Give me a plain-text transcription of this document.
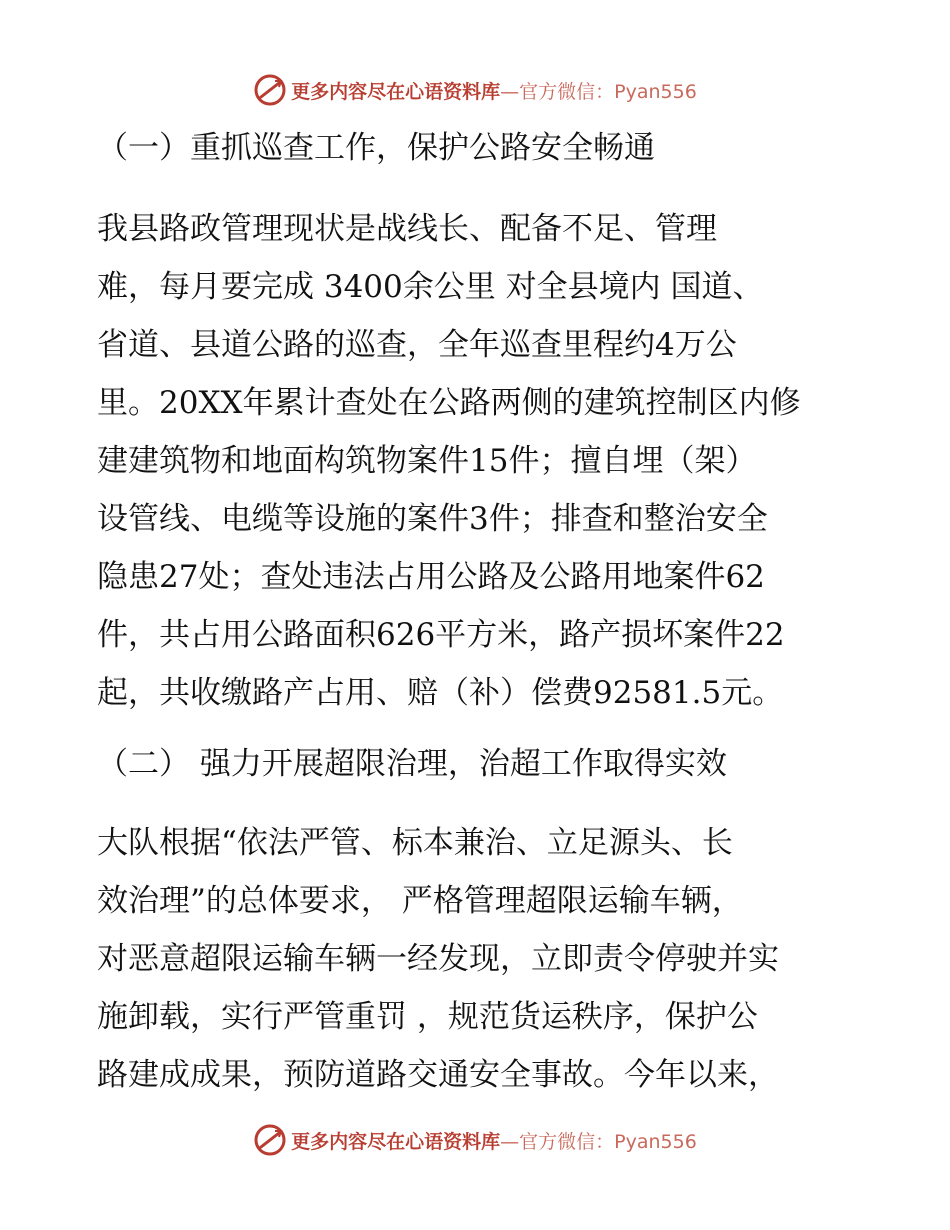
更多内容尽在心语资料库—官方微信：Pyan556

（一）重抓巡查工作，保护公路安全畅通

我县路政管理现状是战线长、配备不足、管理
难，每月要完成 3400余公里 对全县境内 国道、
省道、县道公路的巡查，全年巡查里程约4万公
里。20XX年累计查处在公路两侧的建筑控制区内修
建建筑物和地面构筑物案件15件；擅自埋（架）
设管线、电缆等设施的案件3件；排查和整治安全
隐患27处；查处违法占用公路及公路用地案件62
件，共占用公路面积626平方米，路产损坏案件22
起，共收缴路产占用、赔（补）偿费92581.5元。

（二） 强力开展超限治理，治超工作取得实效

大队根据“依法严管、标本兼治、立足源头、长
效治理”的总体要求， 严格管理超限运输车辆，
对恶意超限运输车辆一经发现，立即责令停驶并实
施卸载，实行严管重罚 ，规范货运秩序，保护公
路建成成果，预防道路交通安全事故。今年以来，

更多内容尽在心语资料库—官方微信：Pyan556
